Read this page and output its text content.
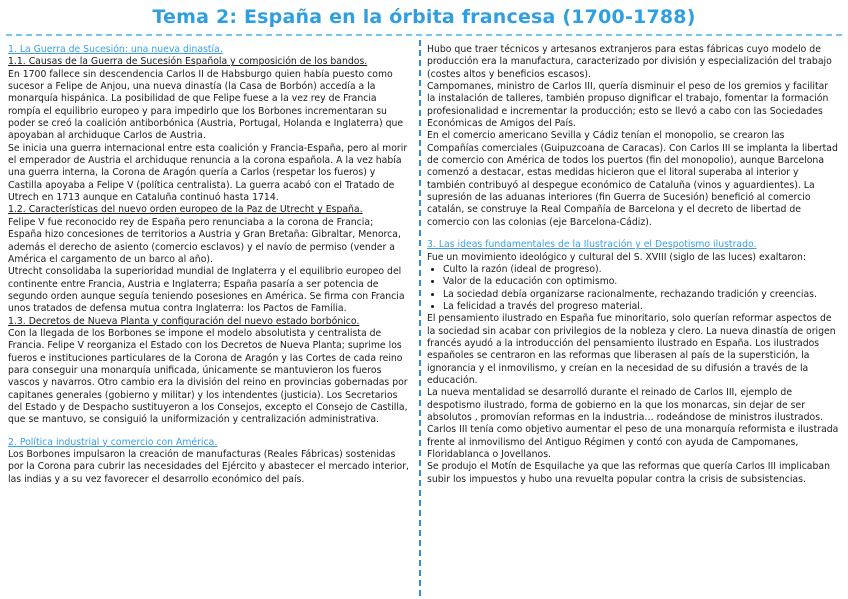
Tema 2: España en la órbita francesa (1700-1788)

1. La Guerra de Sucesión: una nueva dinastía.

1.1. Causas de la Guerra de Sucesión Española y composición de los bandos.

En 1700 fallece sin descendencia Carlos II de Habsburgo quien había puesto como sucesor a Felipe de Anjou, una nueva dinastía (la Casa de Borbón) accedía a la monarquía hispánica. La posibilidad de que Felipe fuese a la vez rey de Francia rompía el equilibrio europeo y para impedirlo que los Borbones incrementaran su poder se creó la coalición antiborbónica (Austria, Portugal, Holanda e Inglaterra) que apoyaban al archiduque Carlos de Austria.

Se inicia una guerra internacional entre esta coalición y Francia-España, pero al morir el emperador de Austria el archiduque renuncia a la corona española. A la vez había una guerra interna, la Corona de Aragón quería a Carlos (respetar los fueros) y Castilla apoyaba a Felipe V (política centralista). La guerra acabó con el Tratado de Utrech en 1713 aunque en Cataluña continuó hasta 1714.

1.2. Características del nuevo orden europeo de la Paz de Utrecht y España.

Felipe V fue reconocido rey de España pero renunciaba a la corona de Francia; España hizo concesiones de territorios a Austria y Gran Bretaña: Gibraltar, Menorca, además el derecho de asiento (comercio esclavos) y el navío de permiso (vender a América el cargamento de un barco al año).

Utrecht consolidaba la superioridad mundial de Inglaterra y el equilibrio europeo del continente entre Francia, Austria e Inglaterra; España pasaría a ser potencia de segundo orden aunque seguía teniendo posesiones en América. Se firma con Francia unos tratados de defensa mutua contra Inglaterra: los Pactos de Familia.

1.3. Decretos de Nueva Planta y configuración del nuevo estado borbónico.

Con la llegada de los Borbones se impone el modelo absolutista y centralista de Francia. Felipe V reorganiza el Estado con los Decretos de Nueva Planta; suprime los fueros e instituciones particulares de la Corona de Aragón y las Cortes de cada reino para conseguir una monarquía unificada, únicamente se mantuvieron los fueros vascos y navarros. Otro cambio era la división del reino en provincias gobernadas por capitanes generales (gobierno y militar) y los intendentes (justicia). Los Secretarios del Estado y de Despacho sustituyeron a los Consejos, excepto el Consejo de Castilla, que se mantuvo, se consiguió la uniformización y centralización administrativa.

2. Política industrial y comercio con América.

Los Borbones impulsaron la creación de manufacturas (Reales Fábricas) sostenidas por la Corona para cubrir las necesidades del Ejército y abastecer el mercado interior, las indias y a su vez favorecer el desarrollo económico del país.

Hubo que traer técnicos y artesanos extranjeros para estas fábricas cuyo modelo de producción era la manufactura, caracterizado por división y especialización del trabajo (costes altos y beneficios escasos).

Campomanes, ministro de Carlos III, quería disminuir el peso de los gremios y facilitar la instalación de talleres, también propuso dignificar el trabajo, fomentar la formación profesionalidad e incrementar la producción; esto se llevó a cabo con las Sociedades Económicas de Amigos del País.

En el comercio americano Sevilla y Cádiz tenían el monopolio, se crearon las Compañías comerciales (Guipuzcoana de Caracas). Con Carlos III se implanta la libertad de comercio con América de todos los puertos (fin del monopolio), aunque Barcelona comenzó a destacar, estas medidas hicieron que el litoral superaba al interior y también contribuyó al despegue económico de Cataluña (vinos y aguardientes). La supresión de las aduanas interiores (fin Guerra de Sucesión) benefició al comercio catalán, se construye la Real Compañía de Barcelona y el decreto de libertad de comercio con las colonias (eje Barcelona-Cádiz).

3. Las ideas fundamentales de la Ilustración y el Despotismo ilustrado.

Fue un movimiento ideológico y cultural del S. XVIII (siglo de las luces) exaltaron:

• Culto la razón (ideal de progreso).
• Valor de la educación con optimismo.
• La sociedad debía organizarse racionalmente, rechazando tradición y creencias.
• La felicidad a través del progreso material.

El pensamiento ilustrado en España fue minoritario, solo querían reformar aspectos de la sociedad sin acabar con privilegios de la nobleza y clero. La nueva dinastía de origen francés ayudó a la introducción del pensamiento ilustrado en España. Los ilustrados españoles se centraron en las reformas que liberasen al país de la superstición, la ignorancia y el inmovilismo, y creían en la necesidad de su difusión a través de la educación.

La nueva mentalidad se desarrolló durante el reinado de Carlos III, ejemplo de despotismo ilustrado, forma de gobierno en la que los monarcas, sin dejar de ser absolutos , promovían reformas en la industria… rodeándose de ministros ilustrados. Carlos III tenía como objetivo aumentar el peso de una monarquía reformista e ilustrada frente al inmovilismo del Antiguo Régimen y contó con ayuda de Campomanes, Floridablanca o Jovellanos.

Se produjo el Motín de Esquilache ya que las reformas que quería Carlos III implicaban subir los impuestos y hubo una revuelta popular contra la crisis de subsistencias.
